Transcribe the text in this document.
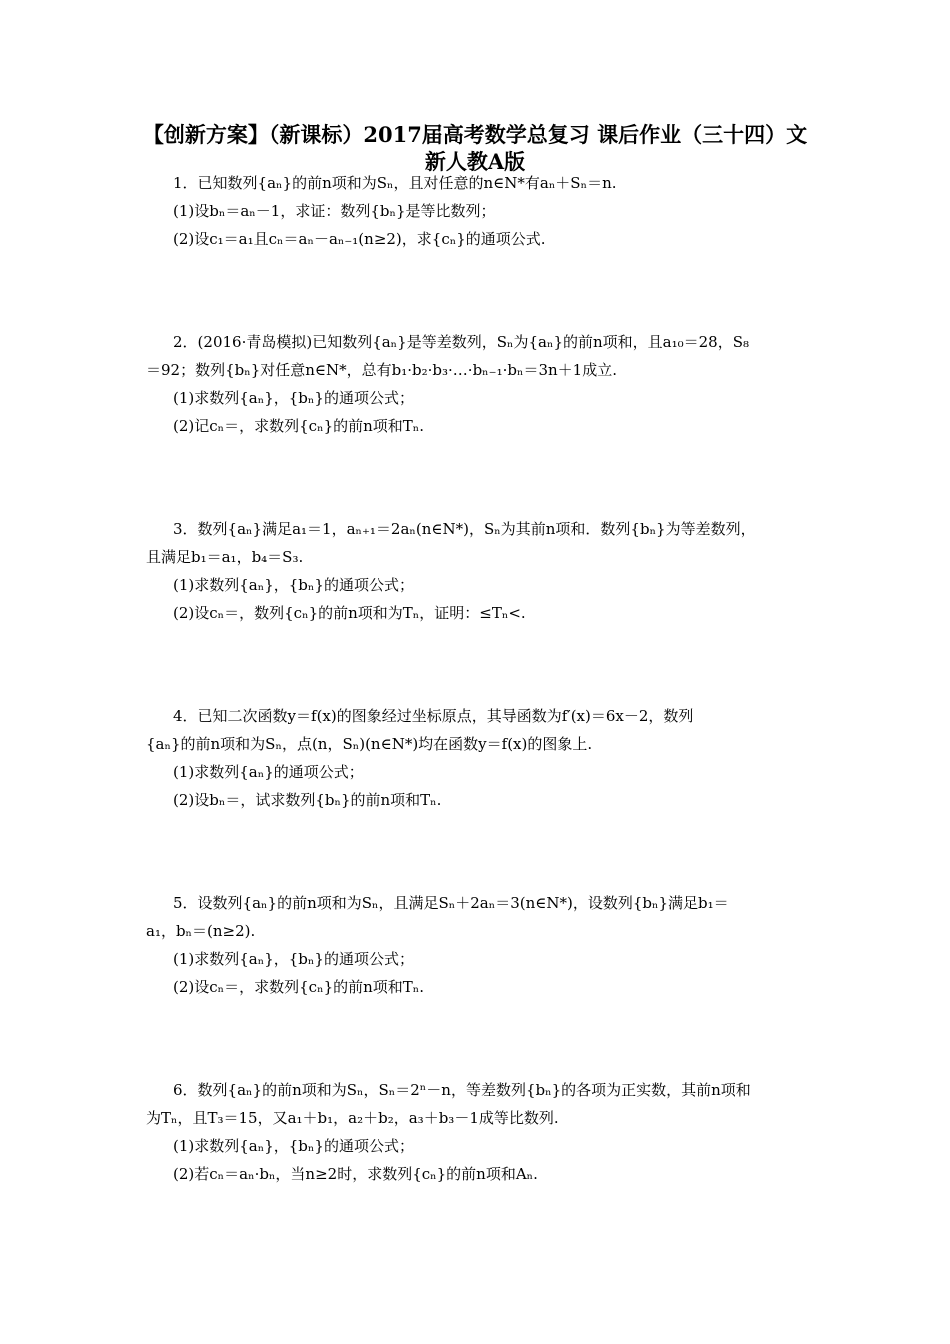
【创新方案】（新课标）2017届高考数学总复习 课后作业（三十四）文 新人教A版
1．已知数列{aₙ}的前n项和为Sₙ，且对任意的n∈N*有aₙ＋Sₙ＝n.
(1)设bₙ＝aₙ－1，求证：数列{bₙ}是等比数列；
(2)设c₁＝a₁且cₙ＝aₙ－aₙ₋₁(n≥2)，求{cₙ}的通项公式.
2．(2016·青岛模拟)已知数列{aₙ}是等差数列，Sₙ为{aₙ}的前n项和，且a₁₀＝28，S₈
＝92；数列{bₙ}对任意n∈N*，总有b₁·b₂·b₃·…·bₙ₋₁·bₙ＝3n＋1成立.
(1)求数列{aₙ}，{bₙ}的通项公式；
(2)记cₙ＝，求数列{cₙ}的前n项和Tₙ.
3．数列{aₙ}满足a₁＝1，aₙ₊₁＝2aₙ(n∈N*)，Sₙ为其前n项和．数列{bₙ}为等差数列，
且满足b₁＝a₁，b₄＝S₃.
(1)求数列{aₙ}，{bₙ}的通项公式；
(2)设cₙ＝，数列{cₙ}的前n项和为Tₙ，证明：≤Tₙ<.
4．已知二次函数y＝f(x)的图象经过坐标原点，其导函数为f′(x)＝6x－2，数列
{aₙ}的前n项和为Sₙ，点(n，Sₙ)(n∈N*)均在函数y＝f(x)的图象上.
(1)求数列{aₙ}的通项公式；
(2)设bₙ＝，试求数列{bₙ}的前n项和Tₙ.
5．设数列{aₙ}的前n项和为Sₙ，且满足Sₙ＋2aₙ＝3(n∈N*)，设数列{bₙ}满足b₁＝
a₁，bₙ＝(n≥2).
(1)求数列{aₙ}，{bₙ}的通项公式；
(2)设cₙ＝，求数列{cₙ}的前n项和Tₙ.
6．数列{aₙ}的前n项和为Sₙ，Sₙ＝2ⁿ－n，等差数列{bₙ}的各项为正实数，其前n项和
为Tₙ，且T₃＝15，又a₁＋b₁，a₂＋b₂，a₃＋b₃－1成等比数列.
(1)求数列{aₙ}，{bₙ}的通项公式；
(2)若cₙ＝aₙ·bₙ，当n≥2时，求数列{cₙ}的前n项和Aₙ.
